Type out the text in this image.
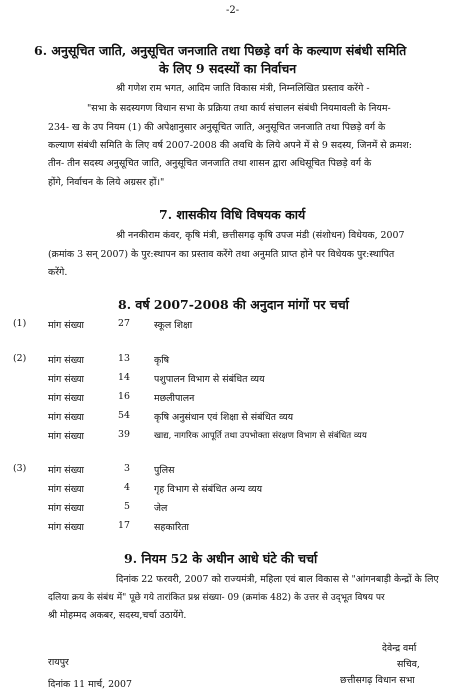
-2-
6. अनुसूचित जाति, अनुसूचित जनजाति तथा पिछड़े वर्ग के कल्याण संबंधी समिति
के लिए 9 सदस्यों का निर्वाचन
श्री गणेश राम भगत, आदिम जाति विकास मंत्री, निम्नलिखित प्रस्ताव करेंगे -
"सभा के सदस्यगण विधान सभा के प्रक्रिया तथा कार्य संचालन संबंधी नियमावली के नियम-
234- ख के उप नियम (1) की अपेक्षानुसार अनुसूचित जाति, अनुसूचित जनजाति तथा पिछड़े वर्ग के
कल्याण संबंधी समिति के लिए वर्ष 2007-2008 की अवधि के लिये अपने में से 9 सदस्य, जिनमें से क्रमश:
तीन- तीन सदस्य अनुसूचित जाति, अनुसूचित जनजाति तथा शासन द्वारा अधिसूचित पिछड़े वर्ग के
होंगे, निर्वाचन के लिये अग्रसर हों।"
7. शासकीय विधि विषयक कार्य
श्री ननकीराम कंवर, कृषि मंत्री, छत्तीसगढ़ कृषि उपज मंडी (संशोधन) विधेयक, 2007
(क्रमांक 3 सन् 2007) के पुर:स्थापन का प्रस्ताव करेंगे तथा अनुमति प्राप्त होने पर विधेयक पुर:स्थापित
करेंगे.
8. वर्ष 2007-2008 की अनुदान मांगों पर चर्चा
(1) मांग संख्या	27	स्कूल शिक्षा
(2) मांग संख्या	13	कृषि
मांग संख्या	14	पशुपालन विभाग से संबंधित व्यय
मांग संख्या	16	मछलीपालन
मांग संख्या	54	कृषि अनुसंधान एवं शिक्षा से संबंधित व्यय
मांग संख्या	39	खाद्य, नागरिक आपूर्ति तथा उपभोक्ता संरक्षण विभाग से संबंधित व्यय
(3) मांग संख्या	3	पुलिस
मांग संख्या	4	गृह विभाग से संबंधित अन्य व्यय
मांग संख्या	5	जेल
मांग संख्या	17	सहकारिता
9. नियम 52 के अधीन आधे घंटे की चर्चा
दिनांक 22 फरवरी, 2007 को राज्यमंत्री, महिला एवं बाल विकास से "आंगनबाड़ी केन्द्रों के लिए
दलिया क्रय के संबंध में" पूछे गये तारांकित प्रश्न संख्या- 09 (क्रमांक 482) के उत्तर से उद्‌भूत विषय पर
श्री मोहम्मद अकबर, सदस्य,चर्चा उठायेंगे.
रायपुर
दिनांक 11 मार्च, 2007
देवेन्द्र वर्मा
सचिव,
छत्तीसगढ़ विधान सभा
